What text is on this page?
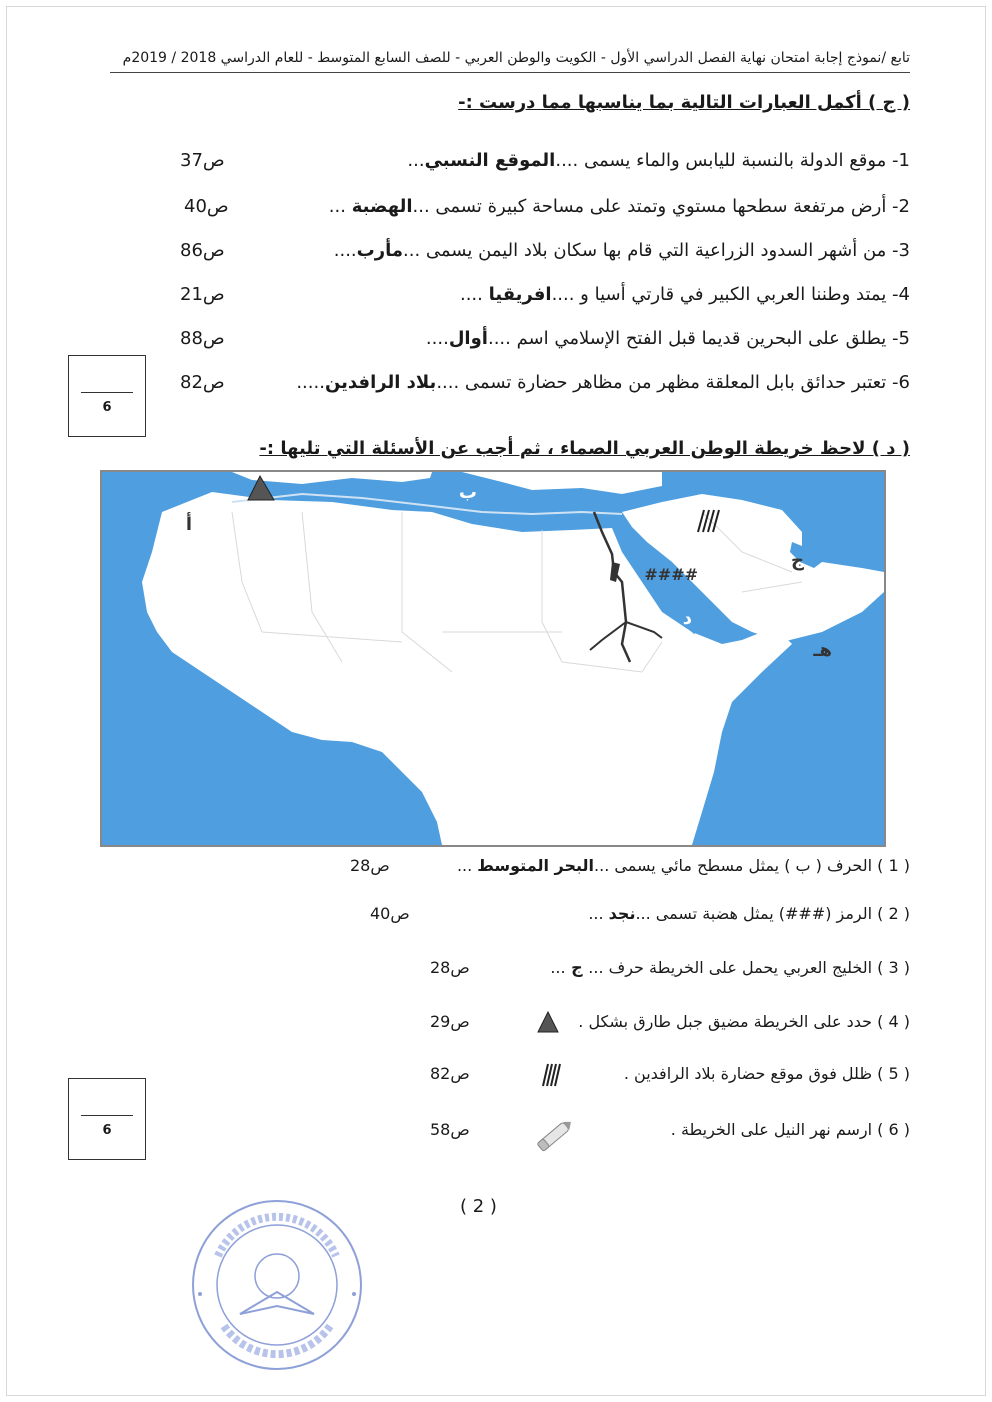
تابع /نموذج إجابة امتحان نهاية الفصل الدراسي الأول - الكويت والوطن العربي - للصف السابع المتوسط - للعام الدراسي 2018 / 2019م
( ج ) أكمل العبارات التالية بما يناسبها مما درست :-
1- موقع الدولة بالنسبة لليابس والماء يسمى ....الموقع النسبي...
ص37
2- أرض مرتفعة سطحها مستوي وتمتد على مساحة كبيرة تسمى ...الهضبة ...
ص40
3- من أشهر السدود الزراعية التي قام بها سكان بلاد اليمن يسمى ...مأرب....
ص86
4- يمتد وطننا العربي الكبير في قارتي أسيا و ....افريقيا ....
ص21
5- يطلق على البحرين قديما قبل الفتح الإسلامي اسم ....أوال....
ص88
6- تعتبر حدائق بابل المعلقة مظهر من مظاهر حضارة تسمى ....بلاد الرافدين.....
ص82
6
( د ) لاحظ خريطة الوطن العربي الصماء ، ثم أجب عن الأسئلة التي تليها :-
أ
ب
ج
د
هـ
####
( 1 ) الحرف ( ب ) يمثل مسطح مائي يسمى ...البحر المتوسط ...
ص28
( 2 ) الرمز (###) يمثل هضبة تسمى ...نجد ...
ص40
( 3 ) الخليج العربي يحمل على الخريطة حرف ... ج ...
ص28
( 4 ) حدد على الخريطة مضيق جبل طارق بشكل .
ص29
( 5 ) ظلل فوق موقع حضارة بلاد الرافدين .
ص82
( 6 ) ارسم نهر النيل على الخريطة .
ص58
6
( 2 )
